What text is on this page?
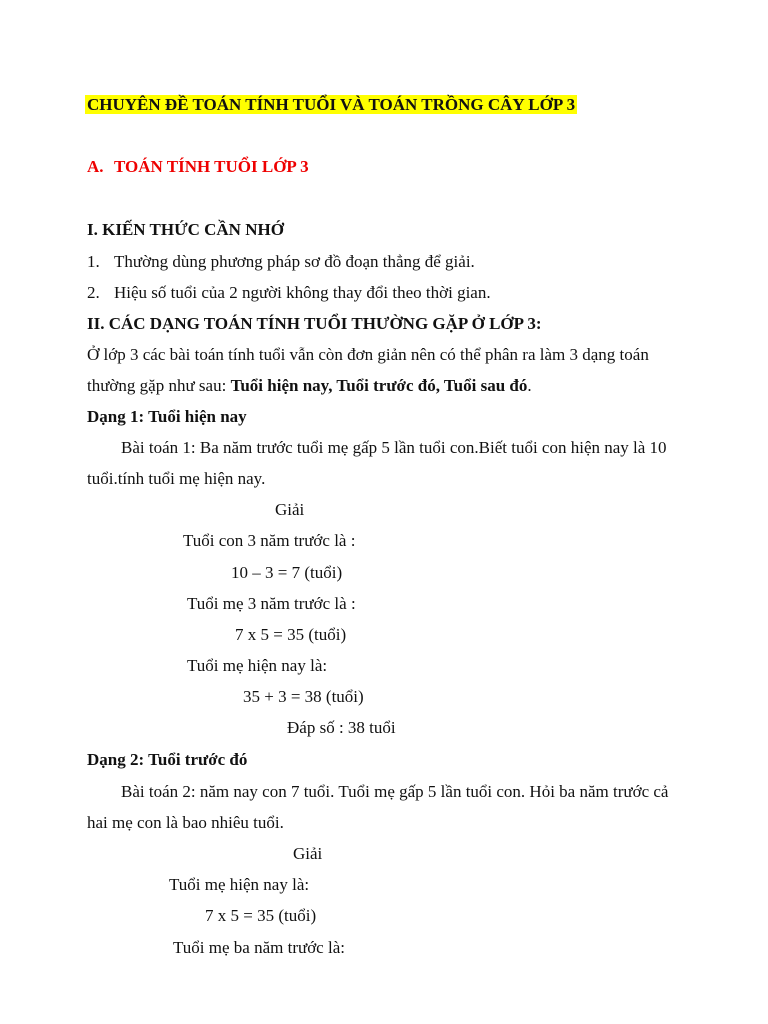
CHUYÊN ĐỀ TOÁN TÍNH TUỔI VÀ TOÁN TRỒNG CÂY LỚP 3
A. TOÁN TÍNH TUỔI LỚP 3
I. KIẾN THỨC CẦN NHỚ
1. Thường dùng phương pháp sơ đồ đoạn thẳng để giải.
2. Hiệu số tuổi của 2 người không thay đổi theo thời gian.
II. CÁC DẠNG TOÁN TÍNH TUỔI THƯỜNG GẶP Ở LỚP 3:
Ở lớp 3 các bài toán tính tuổi vẫn còn đơn giản nên có thể phân ra làm 3 dạng toán
thường gặp như sau: Tuổi hiện nay, Tuổi trước đó, Tuổi sau đó.
Dạng 1: Tuổi hiện nay
Bài toán 1: Ba năm trước tuổi mẹ gấp 5 lần tuổi con.Biết tuổi con hiện nay là 10
tuổi.tính tuổi mẹ hiện nay.
Giải
Tuổi con 3 năm trước là :
10 – 3 = 7 (tuổi)
Tuổi mẹ 3 năm trước là :
7 x 5 = 35 (tuổi)
Tuổi mẹ hiện nay là:
35 + 3 = 38 (tuổi)
Đáp số : 38 tuổi
Dạng 2: Tuổi trước đó
Bài toán 2: năm nay con 7 tuổi. Tuổi mẹ gấp 5 lần tuổi con. Hỏi ba năm trước cả
hai mẹ con là bao nhiêu tuổi.
Giải
Tuổi mẹ hiện nay là:
7 x 5 = 35 (tuổi)
Tuổi mẹ ba năm trước là:
